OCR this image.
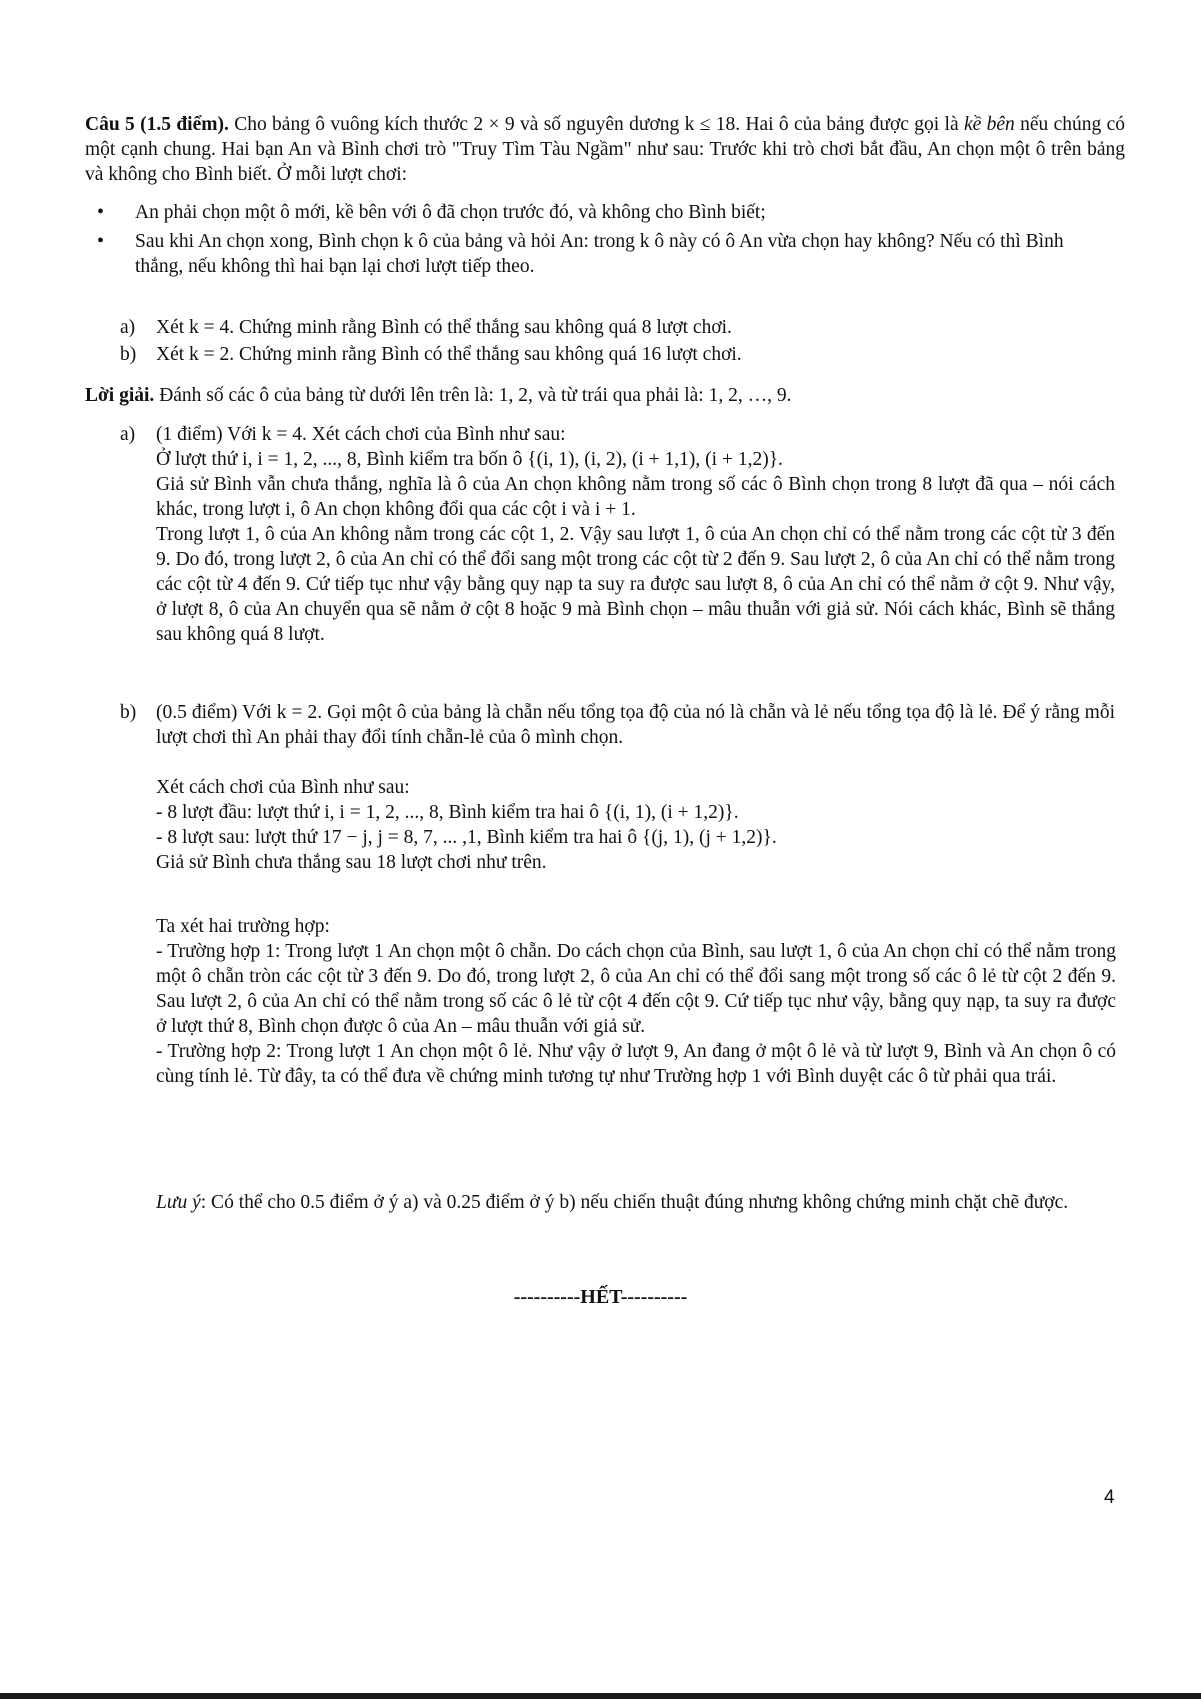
Câu 5 (1.5 điểm). Cho bảng ô vuông kích thước 2 × 9 và số nguyên dương k ≤ 18. Hai ô của bảng được gọi là kề bên nếu chúng có một cạnh chung. Hai bạn An và Bình chơi trò "Truy Tìm Tàu Ngầm" như sau: Trước khi trò chơi bắt đầu, An chọn một ô trên bảng và không cho Bình biết. Ở mỗi lượt chơi:

• An phải chọn một ô mới, kề bên với ô đã chọn trước đó, và không cho Bình biết;
• Sau khi An chọn xong, Bình chọn k ô của bảng và hỏi An: trong k ô này có ô An vừa chọn hay không? Nếu có thì Bình thắng, nếu không thì hai bạn lại chơi lượt tiếp theo.
a) Xét k = 4. Chứng minh rằng Bình có thể thắng sau không quá 8 lượt chơi.
b) Xét k = 2. Chứng minh rằng Bình có thể thắng sau không quá 16 lượt chơi.

Lời giải. Đánh số các ô của bảng từ dưới lên trên là: 1, 2, và từ trái qua phải là: 1, 2, …, 9.

a) (1 điểm) Với k = 4. Xét cách chơi của Bình như sau:
Ở lượt thứ i, i = 1, 2, ..., 8, Bình kiểm tra bốn ô {(i, 1), (i, 2), (i + 1,1), (i + 1,2)}.
Giả sử Bình vẫn chưa thắng, nghĩa là ô của An chọn không nằm trong số các ô Bình chọn trong 8 lượt đã qua – nói cách khác, trong lượt i, ô An chọn không đổi qua các cột i và i + 1.
Trong lượt 1, ô của An không nằm trong các cột 1, 2. Vậy sau lượt 1, ô của An chọn chỉ có thể nằm trong các cột từ 3 đến 9. Do đó, trong lượt 2, ô của An chỉ có thể đổi sang một trong các cột từ 2 đến 9. Sau lượt 2, ô của An chỉ có thể nằm trong các cột từ 4 đến 9. Cứ tiếp tục như vậy bằng quy nạp ta suy ra được sau lượt 8, ô của An chỉ có thể nằm ở cột 9. Như vậy, ở lượt 8, ô của An chuyển qua sẽ nằm ở cột 8 hoặc 9 mà Bình chọn – mâu thuẫn với giả sử. Nói cách khác, Bình sẽ thắng sau không quá 8 lượt.
b) (0.5 điểm) Với k = 2. Gọi một ô của bảng là chẵn nếu tổng tọa độ của nó là chẵn và lẻ nếu tổng tọa độ là lẻ. Để ý rằng mỗi lượt chơi thì An phải thay đổi tính chẵn-lẻ của ô mình chọn.
Xét cách chơi của Bình như sau:
- 8 lượt đầu: lượt thứ i, i = 1, 2, ..., 8, Bình kiểm tra hai ô {(i, 1), (i + 1,2)}.
- 8 lượt sau: lượt thứ 17 − j, j = 8, 7, ... ,1, Bình kiểm tra hai ô {(j, 1), (j + 1,2)}.
Giả sử Bình chưa thắng sau 18 lượt chơi như trên.
Ta xét hai trường hợp:
- Trường hợp 1: Trong lượt 1 An chọn một ô chẵn. Do cách chọn của Bình, sau lượt 1, ô của An chọn chỉ có thể nằm trong một ô chẵn tròn các cột từ 3 đến 9. Do đó, trong lượt 2, ô của An chỉ có thể đổi sang một trong số các ô lẻ từ cột 2 đến 9. Sau lượt 2, ô của An chỉ có thể nằm trong số các ô lẻ từ cột 4 đến cột 9. Cứ tiếp tục như vậy, bằng quy nạp, ta suy ra được ở lượt thứ 8, Bình chọn được ô của An – mâu thuẫn với giả sử.
- Trường hợp 2: Trong lượt 1 An chọn một ô lẻ. Như vậy ở lượt 9, An đang ở một ô lẻ và từ lượt 9, Bình và An chọn ô có cùng tính lẻ. Từ đây, ta có thể đưa về chứng minh tương tự như Trường hợp 1 với Bình duyệt các ô từ phải qua trái.

Lưu ý: Có thể cho 0.5 điểm ở ý a) và 0.25 điểm ở ý b) nếu chiến thuật đúng nhưng không chứng minh chặt chẽ được.

----------HẾT----------
4
